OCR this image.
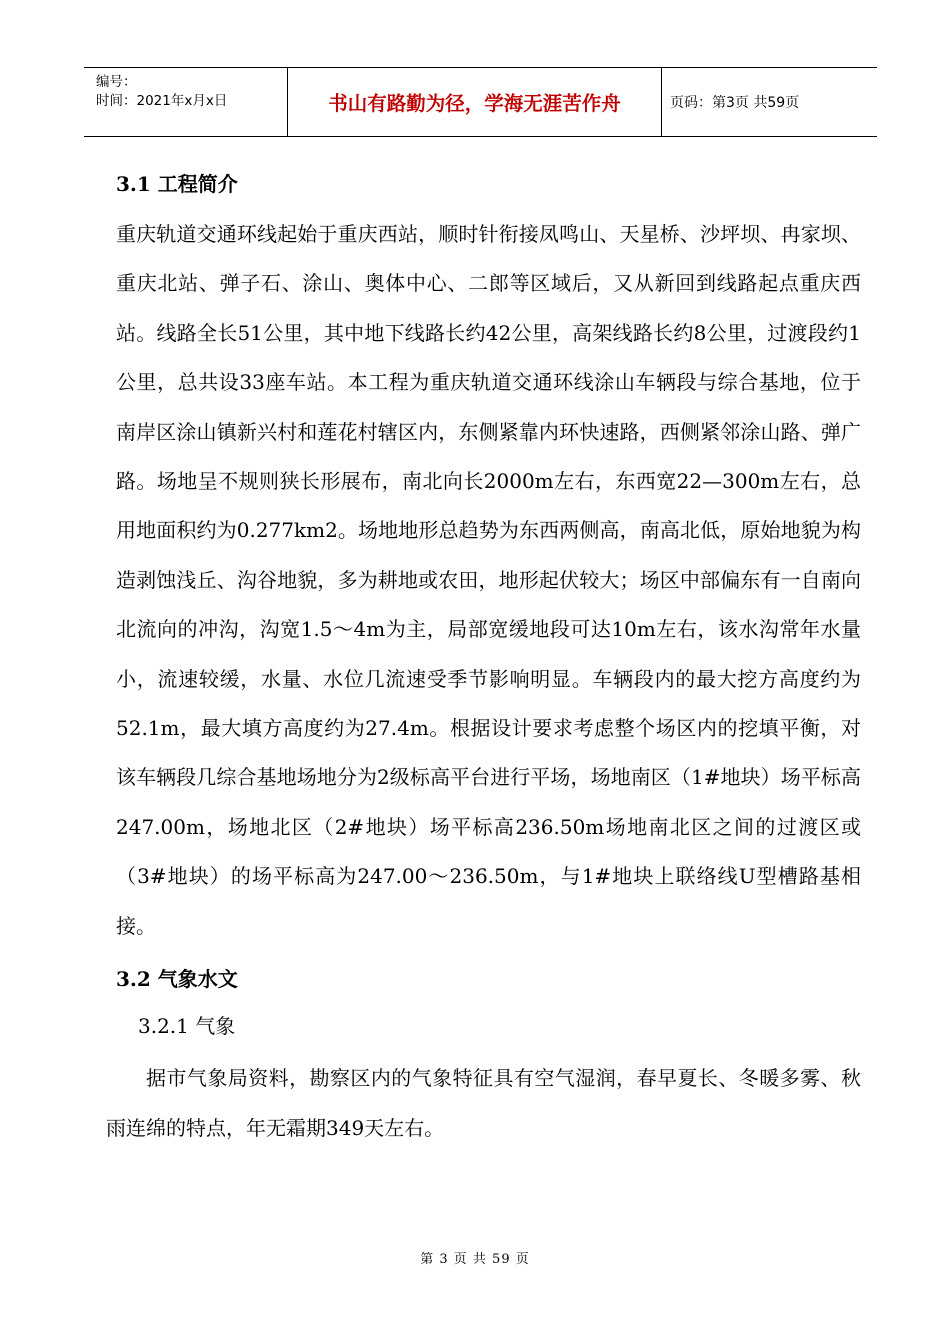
编号：
时间：2021年x月x日	书山有路勤为径，学海无涯苦作舟	页码：第3页 共59页
3.1 工程简介

重庆轨道交通环线起始于重庆西站，顺时针衔接凤鸣山、天星桥、沙坪坝、冉家坝、重庆北站、弹子石、涂山、奥体中心、二郎等区域后，又从新回到线路起点重庆西站。线路全长51公里，其中地下线路长约42公里，高架线路长约8公里，过渡段约1公里，总共设33座车站。本工程为重庆轨道交通环线涂山车辆段与综合基地，位于南岸区涂山镇新兴村和莲花村辖区内，东侧紧靠内环快速路，西侧紧邻涂山路、弹广路。场地呈不规则狭长形展布，南北向长2000m左右，东西宽22—300m左右，总用地面积约为0.277km2。场地地形总趋势为东西两侧高，南高北低，原始地貌为构造剥蚀浅丘、沟谷地貌，多为耕地或农田，地形起伏较大；场区中部偏东有一自南向北流向的冲沟，沟宽1.5～4m为主，局部宽缓地段可达10m左右，该水沟常年水量小，流速较缓，水量、水位几流速受季节影响明显。车辆段内的最大挖方高度约为52.1m，最大填方高度约为27.4m。根据设计要求考虑整个场区内的挖填平衡，对该车辆段几综合基地场地分为2级标高平台进行平场，场地南区（1#地块）场平标高247.00m，场地北区（2#地块）场平标高236.50m场地南北区之间的过渡区或（3#地块）的场平标高为247.00～236.50m，与1#地块上联络线U型槽路基相接。

3.2 气象水文
3.2.1 气象

据市气象局资料，勘察区内的气象特征具有空气湿润，春早夏长、冬暖多雾、秋雨连绵的特点，年无霜期349天左右。

第 3 页 共 59 页
